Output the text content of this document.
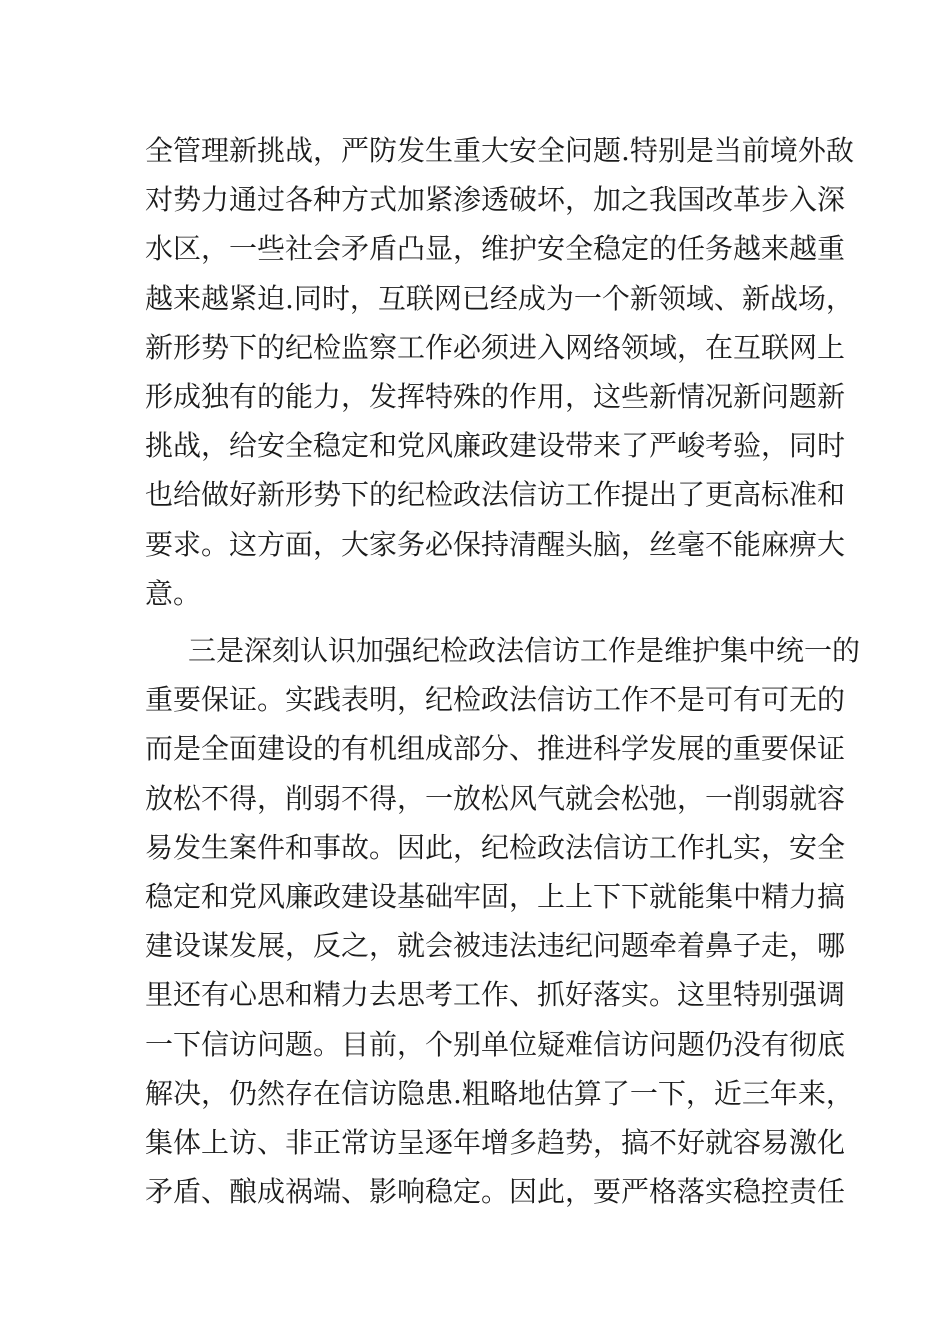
全管理新挑战，严防发生重大安全问题.特别是当前境外敌
对势力通过各种方式加紧渗透破坏，加之我国改革步入深
水区，一些社会矛盾凸显，维护安全稳定的任务越来越重
越来越紧迫.同时，互联网已经成为一个新领域、新战场，
新形势下的纪检监察工作必须进入网络领域，在互联网上
形成独有的能力，发挥特殊的作用，这些新情况新问题新
挑战，给安全稳定和党风廉政建设带来了严峻考验，同时
也给做好新形势下的纪检政法信访工作提出了更高标准和
要求。这方面，大家务必保持清醒头脑，丝毫不能麻痹大
意。
三是深刻认识加强纪检政法信访工作是维护集中统一的
重要保证。实践表明，纪检政法信访工作不是可有可无的
而是全面建设的有机组成部分、推进科学发展的重要保证
放松不得，削弱不得，一放松风气就会松弛，一削弱就容
易发生案件和事故。因此，纪检政法信访工作扎实，安全
稳定和党风廉政建设基础牢固，上上下下就能集中精力搞
建设谋发展，反之，就会被违法违纪问题牵着鼻子走，哪
里还有心思和精力去思考工作、抓好落实。这里特别强调
一下信访问题。目前，个别单位疑难信访问题仍没有彻底
解决，仍然存在信访隐患.粗略地估算了一下，近三年来，
集体上访、非正常访呈逐年增多趋势，搞不好就容易激化
矛盾、酿成祸端、影响稳定。因此，要严格落实稳控责任
